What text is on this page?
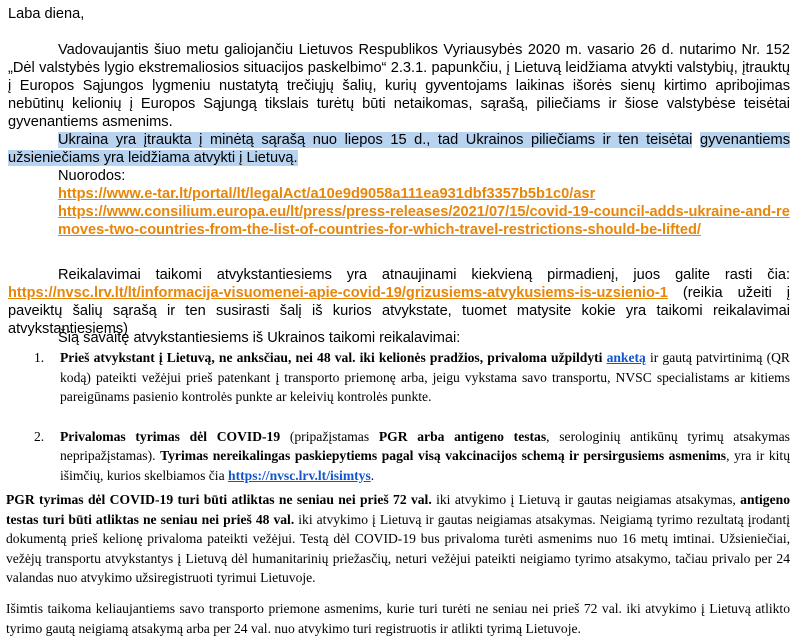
Laba diena,

Vadovaujantis šiuo metu galiojančiu Lietuvos Respublikos Vyriausybės 2020 m. vasario 26 d. nutarimo Nr. 152 „Dėl valstybės lygio ekstremaliosios situacijos paskelbimo“ 2.3.1. papunkčiu, į Lietuvą leidžiama atvykti valstybių, įtrauktų į Europos Sąjungos lygmeniu nustatytą trečiųjų šalių, kurių gyventojams laikinas išorės sienų kirtimo apribojimas nebūtinų kelionių į Europos Sąjungą tikslais turėtų būti netaikomas, sąrašą, piliečiams ir šiose valstybėse teisėtai gyvenantiems asmenims.

Ukraina yra įtraukta į minėtą sąrašą nuo liepos 15 d., tad Ukrainos piliečiams ir ten teisėtai gyvenantiems užsieniečiams yra leidžiama atvykti į Lietuvą.

Nuorodos:
https://www.e-tar.lt/portal/lt/legalAct/a10e9d9058a111ea931dbf3357b5b1c0/asr
https://www.consilium.europa.eu/lt/press/press-releases/2021/07/15/covid-19-council-adds-ukraine-and-removes-two-countries-from-the-list-of-countries-for-which-travel-restrictions-should-be-lifted/

Reikalavimai taikomi atvykstantiesiems yra atnaujinami kiekvieną pirmadienį, juos galite rasti čia: https://nvsc.lrv.lt/lt/informacija-visuomenei-apie-covid-19/grizusiems-atvykusiems-is-uzsienio-1 (reikia užeiti į paveiktų šalių sąrašą ir ten susirasti šalį iš kurios atvykstate, tuomet matysite kokie yra taikomi reikalavimai atvykstantiesiems)

Šią savaitę atvykstantiesiems iš Ukrainos taikomi reikalavimai:

1. Prieš atvykstant į Lietuvą, ne anksčiau, nei 48 val. iki kelionės pradžios, privaloma užpildyti anketą ir gautą patvirtinimą (QR kodą) pateikti vežėjui prieš patenkant į transporto priemonę arba, jeigu vykstama savo transportu, NVSC specialistams ar kitiems pareigūnams pasienio kontrolės punkte ar keleivių kontrolės punkte.
2. Privalomas tyrimas dėl COVID-19 (pripažįstamas PGR arba antigeno testas, serologinių antikūnų tyrimų atsakymas nepripažįstamas). Tyrimas nereikalingas paskiepytiems pagal visą vakcinacijos schemą ir persirgusiems asmenims, yra ir kitų išimčių, kurios skelbiamos čia https://nvsc.lrv.lt/isimtys.

PGR tyrimas dėl COVID-19 turi būti atliktas ne seniau nei prieš 72 val. iki atvykimo į Lietuvą ir gautas neigiamas atsakymas, antigeno testas turi būti atliktas ne seniau nei prieš 48 val. iki atvykimo į Lietuvą ir gautas neigiamas atsakymas. Neigiamą tyrimo rezultatą įrodantį dokumentą prieš kelionę privaloma pateikti vežėjui. Testą dėl COVID-19 bus privaloma turėti asmenims nuo 16 metų imtinai. Užsieniečiai, vežėjų transportu atvykstantys į Lietuvą dėl humanitarinių priežasčių, neturi vežėjui pateikti neigiamo tyrimo atsakymo, tačiau privalo per 24 valandas nuo atvykimo užsiregistruoti tyrimui Lietuvoje.

Išimtis taikoma keliaujantiems savo transporto priemone asmenims, kurie turi turėti ne seniau nei prieš 72 val. iki atvykimo į Lietuvą atlikto tyrimo gautą neigiamą atsakymą arba per 24 val. nuo atvykimo turi registruotis ir atlikti tyrimą Lietuvoje.
